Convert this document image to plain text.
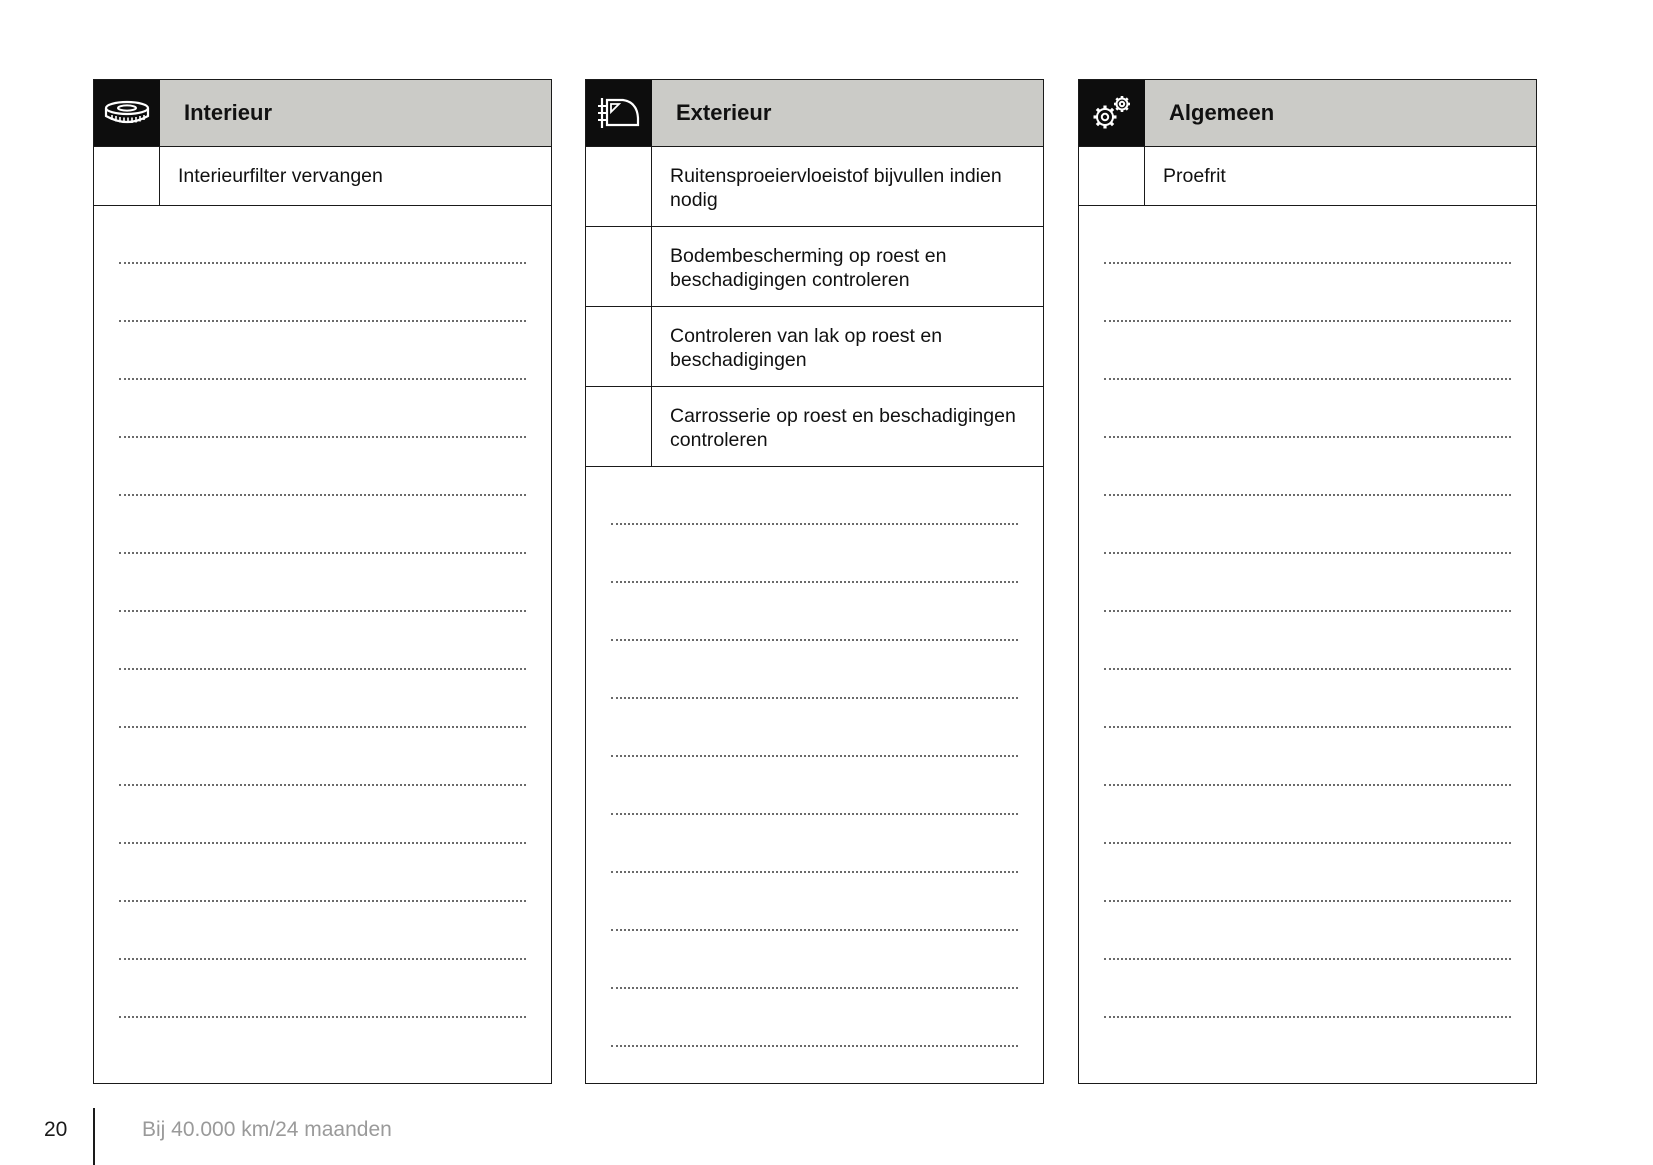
Interieur
Interieurfilter vervangen
Exterieur
Ruitensproeiervloeistof bijvullen indien nodig
Bodembescherming op roest en beschadigingen controleren
Controleren van lak op roest en beschadigingen
Carrosserie op roest en beschadigingen controleren
Algemeen
Proefrit
20	Bij 40.000 km/24 maanden
